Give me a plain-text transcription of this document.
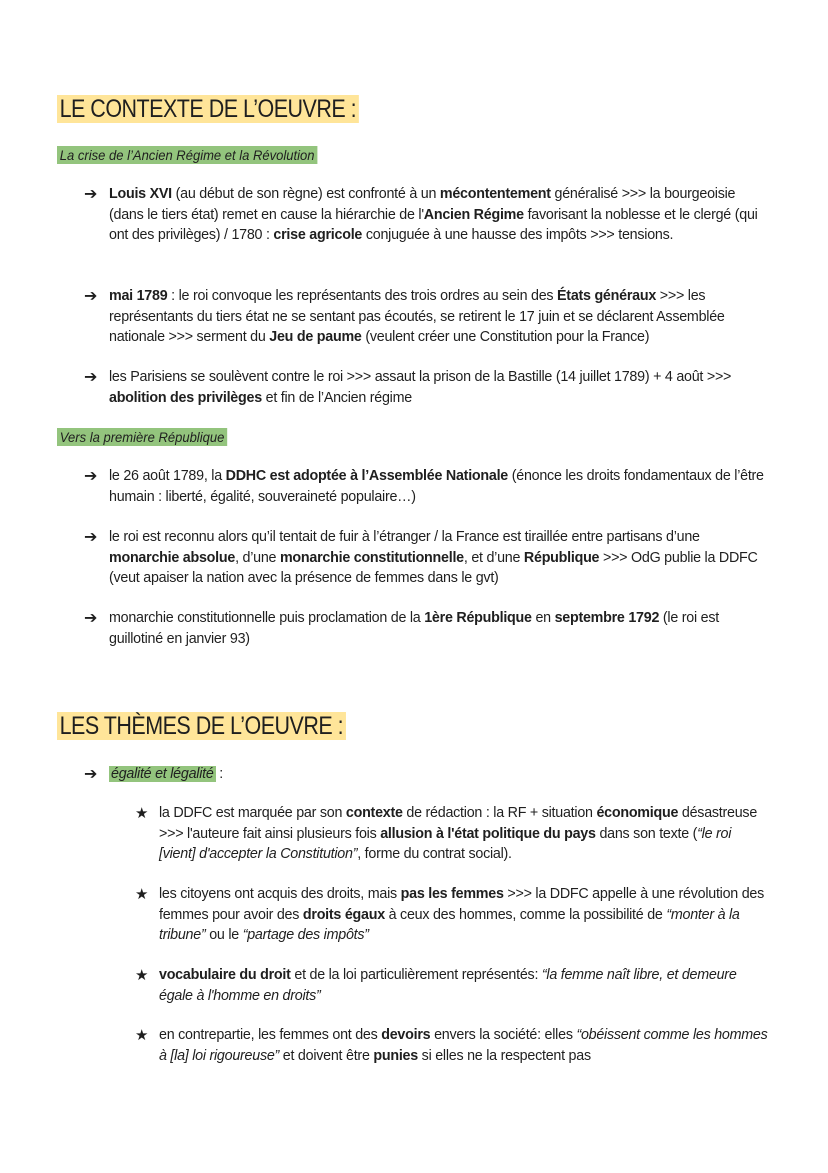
LE CONTEXTE DE L’OEUVRE :
La crise de l’Ancien Régime et la Révolution
➔ Louis XVI (au début de son règne) est confronté à un mécontentement généralisé >>> la bourgeoisie (dans le tiers état) remet en cause la hiérarchie de l'Ancien Régime favorisant la noblesse et le clergé (qui ont des privilèges) / 1780 : crise agricole conjuguée à une hausse des impôts >>> tensions.
➔ mai 1789 : le roi convoque les représentants des trois ordres au sein des États généraux >>> les représentants du tiers état ne se sentant pas écoutés, se retirent le 17 juin et se déclarent Assemblée nationale >>> serment du Jeu de paume (veulent créer une Constitution pour la France)
➔ les Parisiens se soulèvent contre le roi >>> assaut la prison de la Bastille (14 juillet 1789) + 4 août >>> abolition des privilèges et fin de l’Ancien régime
Vers la première République
➔ le 26 août 1789, la DDHC est adoptée à l’Assemblée Nationale (énonce les droits fondamentaux de l’être humain : liberté, égalité, souveraineté populaire…)
➔ le roi est reconnu alors qu’il tentait de fuir à l’étranger / la France est tiraillée entre partisans d’une monarchie absolue, d’une monarchie constitutionnelle, et d’une République >>> OdG publie la DDFC (veut apaiser la nation avec la présence de femmes dans le gvt)
➔ monarchie constitutionnelle puis proclamation de la 1ère République en septembre 1792 (le roi est guillotiné en janvier 93)
LES THÈMES DE L’OEUVRE :
➔ égalité et légalité :
★ la DDFC est marquée par son contexte de rédaction : la RF + situation économique désastreuse >>> l'auteure fait ainsi plusieurs fois allusion à l'état politique du pays dans son texte (“le roi [vient] d'accepter la Constitution”, forme du contrat social).
★ les citoyens ont acquis des droits, mais pas les femmes >>> la DDFC appelle à une révolution des femmes pour avoir des droits égaux à ceux des hommes, comme la possibilité de “monter à la tribune” ou le “partage des impôts”
★ vocabulaire du droit et de la loi particulièrement représentés: “la femme naît libre, et demeure égale à l'homme en droits”
★ en contrepartie, les femmes ont des devoirs envers la société: elles “obéissent comme les hommes à [la] loi rigoureuse” et doivent être punies si elles ne la respectent pas
